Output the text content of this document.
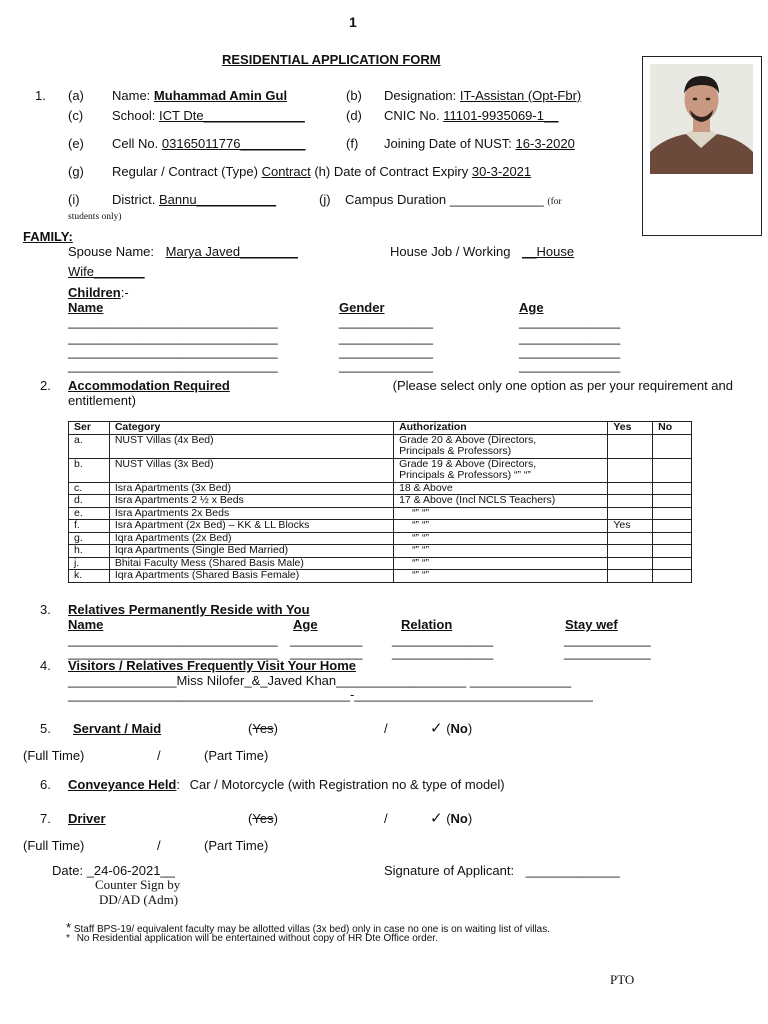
1
RESIDENTIAL APPLICATION FORM
1. (a) Name: Muhammad Amin Gul	(b) Designation: IT-Assistan (Opt-Fbr)
(c) School: ICT Dte______________	(d) CNIC No. 11101-9935069-1__
(e) Cell No. 03165011776_________	(f) Joining Date of NUST: 16-3-2020
(g) Regular / Contract (Type) Contract (h) Date of Contract Expiry 30-3-2021
(i) District. Bannu___________	(j) Campus Duration _____________ (for
students only)
FAMILY:
Spouse Name: Marya Javed________	House Job / Working __House
Wife_______
Children:-
Name	Gender	Age
_____________________________	_____________	______________
_____________________________	_____________	______________
_____________________________	_____________	______________
_____________________________	_____________	______________
2. Accommodation Required	(Please select only one option as per your requirement and
entitlement)
Ser	Category	Authorization	Yes	No
a.	NUST Villas (4x Bed)	Grade 20 & Above (Directors,
Principals & Professors)		

b.	NUST Villas (3x Bed)	Grade 19 & Above (Directors,
Principals & Professors) “” “”		

c.	Isra Apartments (3x Bed)	18 & Above		
d.	Isra Apartments 2 ½ x Beds	17 & Above (Incl NCLS Teachers)		
e.	Isra Apartments 2x Beds	“” “”		
f.	Isra Apartment (2x Bed) – KK & LL Blocks	“” “”	Yes	
g.	Iqra Apartments (2x Bed)	“” “”		
h.	Iqra Apartments (Single Bed Married)	“” “”		
j.	Bhitai Faculty Mess (Shared Basis Male)	“” “”		
k.	Iqra Apartments (Shared Basis Female)	“” “”		
3. Relatives Permanently Reside with You
Name	Age	Relation	Stay wef
_____________________________ __________ ______________	____________
_____________________________ __________ ______________	____________
4. Visitors / Relatives Frequently Visit Your Home
_______________Miss Nilofer_&_Javed Khan__________________ ______________
_______________________________________-_________________________________
5. Servant / Maid	(Yes)	/	✓ (No)
(Full Time)	/	(Part Time)
6. Conveyance Held: Car / Motorcycle (with Registration no & type of model)
7. Driver	(Yes)	/	✓ (No)
(Full Time)	/	(Part Time)
Date: _24-06-2021__
Counter Sign by
DD/AD (Adm)
Signature of Applicant: _____________
* Staff BPS-19/ equivalent faculty may be allotted villas (3x bed) only in case no one is on waiting list of villas.
* No Residential application will be entertained without copy of HR Dte Office order.
PTO
